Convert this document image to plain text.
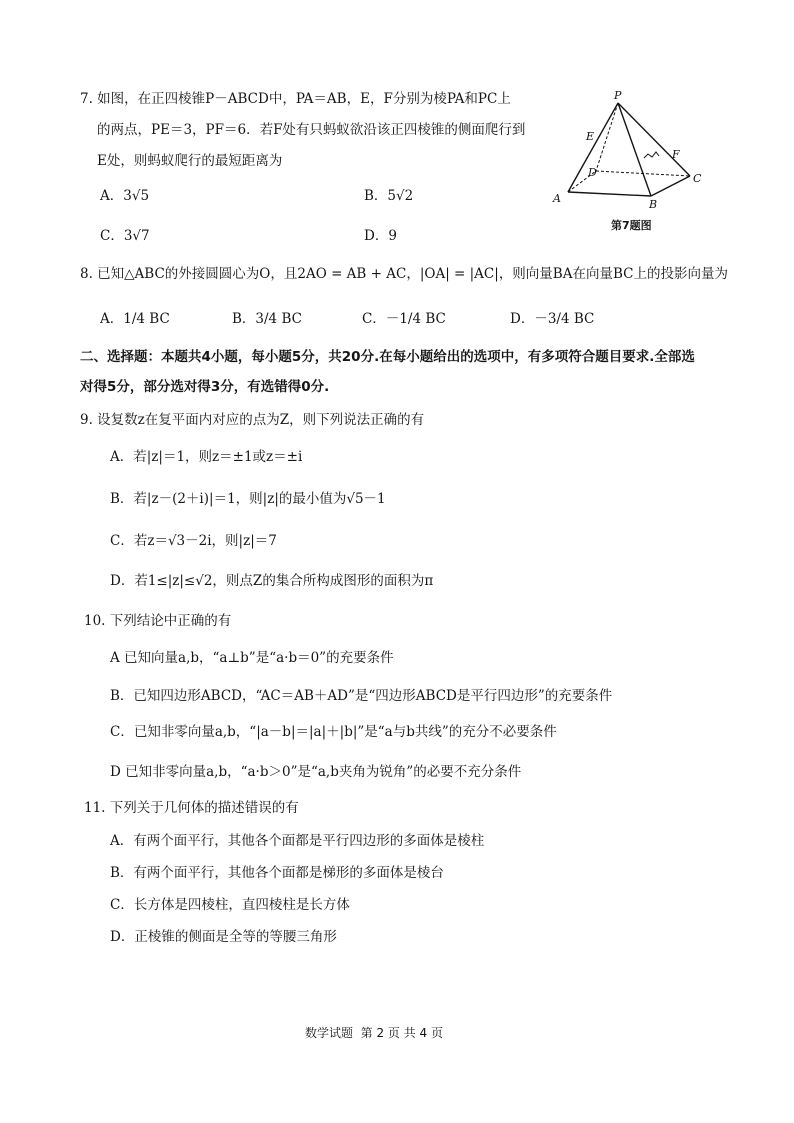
7. 如图，在正四棱锥P－ABCD中，PA＝AB，E，F分别为棱PA和PC上
的两点，PE＝3，PF＝6．若F处有只蚂蚁欲沿该正四棱锥的侧面爬行到
E处，则蚂蚁爬行的最短距离为
A．3√5	B．5√2
C．3√7	D．9
P
E
F
D	C
A	B
第7题图
8. 已知△ABC的外接圆圆心为O，且2AO = AB + AC，|OA| = |AC|，则向量BA在向量BC上的投影向量为
A．1/4 BC	B．3/4 BC	C．－1/4 BC	D．－3/4 BC
二、选择题：本题共4小题，每小题5分，共20分.在每小题给出的选项中，有多项符合题目要求.全部选
对得5分，部分选对得3分，有选错得0分.
9. 设复数z在复平面内对应的点为Z，则下列说法正确的有
A．若|z|＝1，则z＝±1或z＝±i
B．若|z－(2＋i)|＝1，则|z|的最小值为√5－1
C．若z＝√3－2i，则|z|＝7
D．若1≤|z|≤√2，则点Z的集合所构成图形的面积为π
10. 下列结论中正确的有
A 已知向量a,b，“a⊥b”是“a·b＝0”的充要条件
B．已知四边形ABCD，“AC＝AB＋AD”是“四边形ABCD是平行四边形”的充要条件
C．已知非零向量a,b，“|a－b|＝|a|＋|b|”是“a与b共线”的充分不必要条件
D 已知非零向量a,b，“a·b＞0”是“a,b夹角为锐角”的必要不充分条件
11. 下列关于几何体的描述错误的有
A．有两个面平行，其他各个面都是平行四边形的多面体是棱柱
B．有两个面平行，其他各个面都是梯形的多面体是棱台
C．长方体是四棱柱，直四棱柱是长方体
D．正棱锥的侧面是全等的等腰三角形
数学试题 第 2 页 共 4 页
